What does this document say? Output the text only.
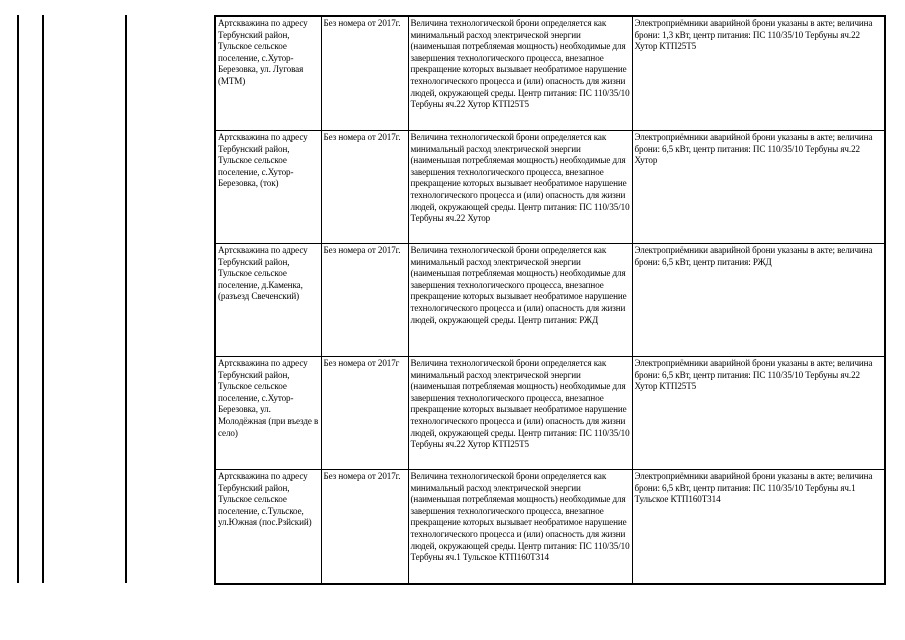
Артскважина по адресу Тербунский район, Тульское сельское поселение, с.Хутор-Березовка, ул. Луговая (МТМ)	Без номера от 2017г.	Величина технологической брони определяется как минимальный расход электрической энергии (наименьшая потребляемая мощность) необходимые для завершения технологического процесса, внезапное прекращение которых вызывает необратимое нарушение технологического процесса и (или) опасность для жизни людей, окружающей среды. Центр питания: ПС 110/35/10 Тербуны яч.22 Хутор КТП25Т5	Электроприёмники аварийной брони указаны в акте; величина брони: 1,3 кВт, центр питания: ПС 110/35/10 Тербуны яч.22 Хутор КТП25Т5
Артскважина по адресу Тербунский район, Тульское сельское поселение, с.Хутор-Березовка, (ток)	Без номера от 2017г.	Величина технологической брони определяется как минимальный расход электрической энергии (наименьшая потребляемая мощность) необходимые для завершения технологического процесса, внезапное прекращение которых вызывает необратимое нарушение технологического процесса и (или) опасность для жизни людей, окружающей среды. Центр питания: ПС 110/35/10 Тербуны яч.22 Хутор	Электроприёмники аварийной брони указаны в акте; величина брони: 6,5 кВт, центр питания: ПС 110/35/10 Тербуны яч.22 Хутор
Артскважина по адресу Тербунский район, Тульское сельское поселение, д.Каменка, (разъезд Свеченский)	Без номера от 2017г.	Величина технологической брони определяется как минимальный расход электрической энергии (наименьшая потребляемая мощность) необходимые для завершения технологического процесса, внезапное прекращение которых вызывает необратимое нарушение технологического процесса и (или) опасность для жизни людей, окружающей среды. Центр питания: РЖД	Электроприёмники аварийной брони указаны в акте; величина брони: 6,5 кВт, центр питания: РЖД
Артскважина по адресу Тербунский район, Тульское сельское поселение, с.Хутор-Березовка, ул. Молодёжная (при въезде в село)	Без номера от 2017г	Величина технологической брони определяется как минимальный расход электрической энергии (наименьшая потребляемая мощность) необходимые для завершения технологического процесса, внезапное прекращение которых вызывает необратимое нарушение технологического процесса и (или) опасность для жизни людей, окружающей среды. Центр питания: ПС 110/35/10 Тербуны яч.22 Хутор КТП25Т5	Электроприёмники аварийной брони указаны в акте; величина брони: 6,5 кВт, центр питания: ПС 110/35/10 Тербуны яч.22 Хутор КТП25Т5
Артскважина по адресу Тербунский район, Тульское сельское поселение, с.Тульское, ул.Южная (пос.Рзйский)	Без номера от 2017г.	Величина технологической брони определяется как минимальный расход электрической энергии (наименьшая потребляемая мощность) необходимые для завершения технологического процесса, внезапное прекращение которых вызывает необратимое нарушение технологического процесса и (или) опасность для жизни людей, окружающей среды. Центр питания: ПС 110/35/10 Тербуны яч.1 Тульское КТП160Т314	Электроприёмники аварийной брони указаны в акте; величина брони: 6,5 кВт, центр питания: ПС 110/35/10 Тербуны яч.1 Тульское КТП160Т314
